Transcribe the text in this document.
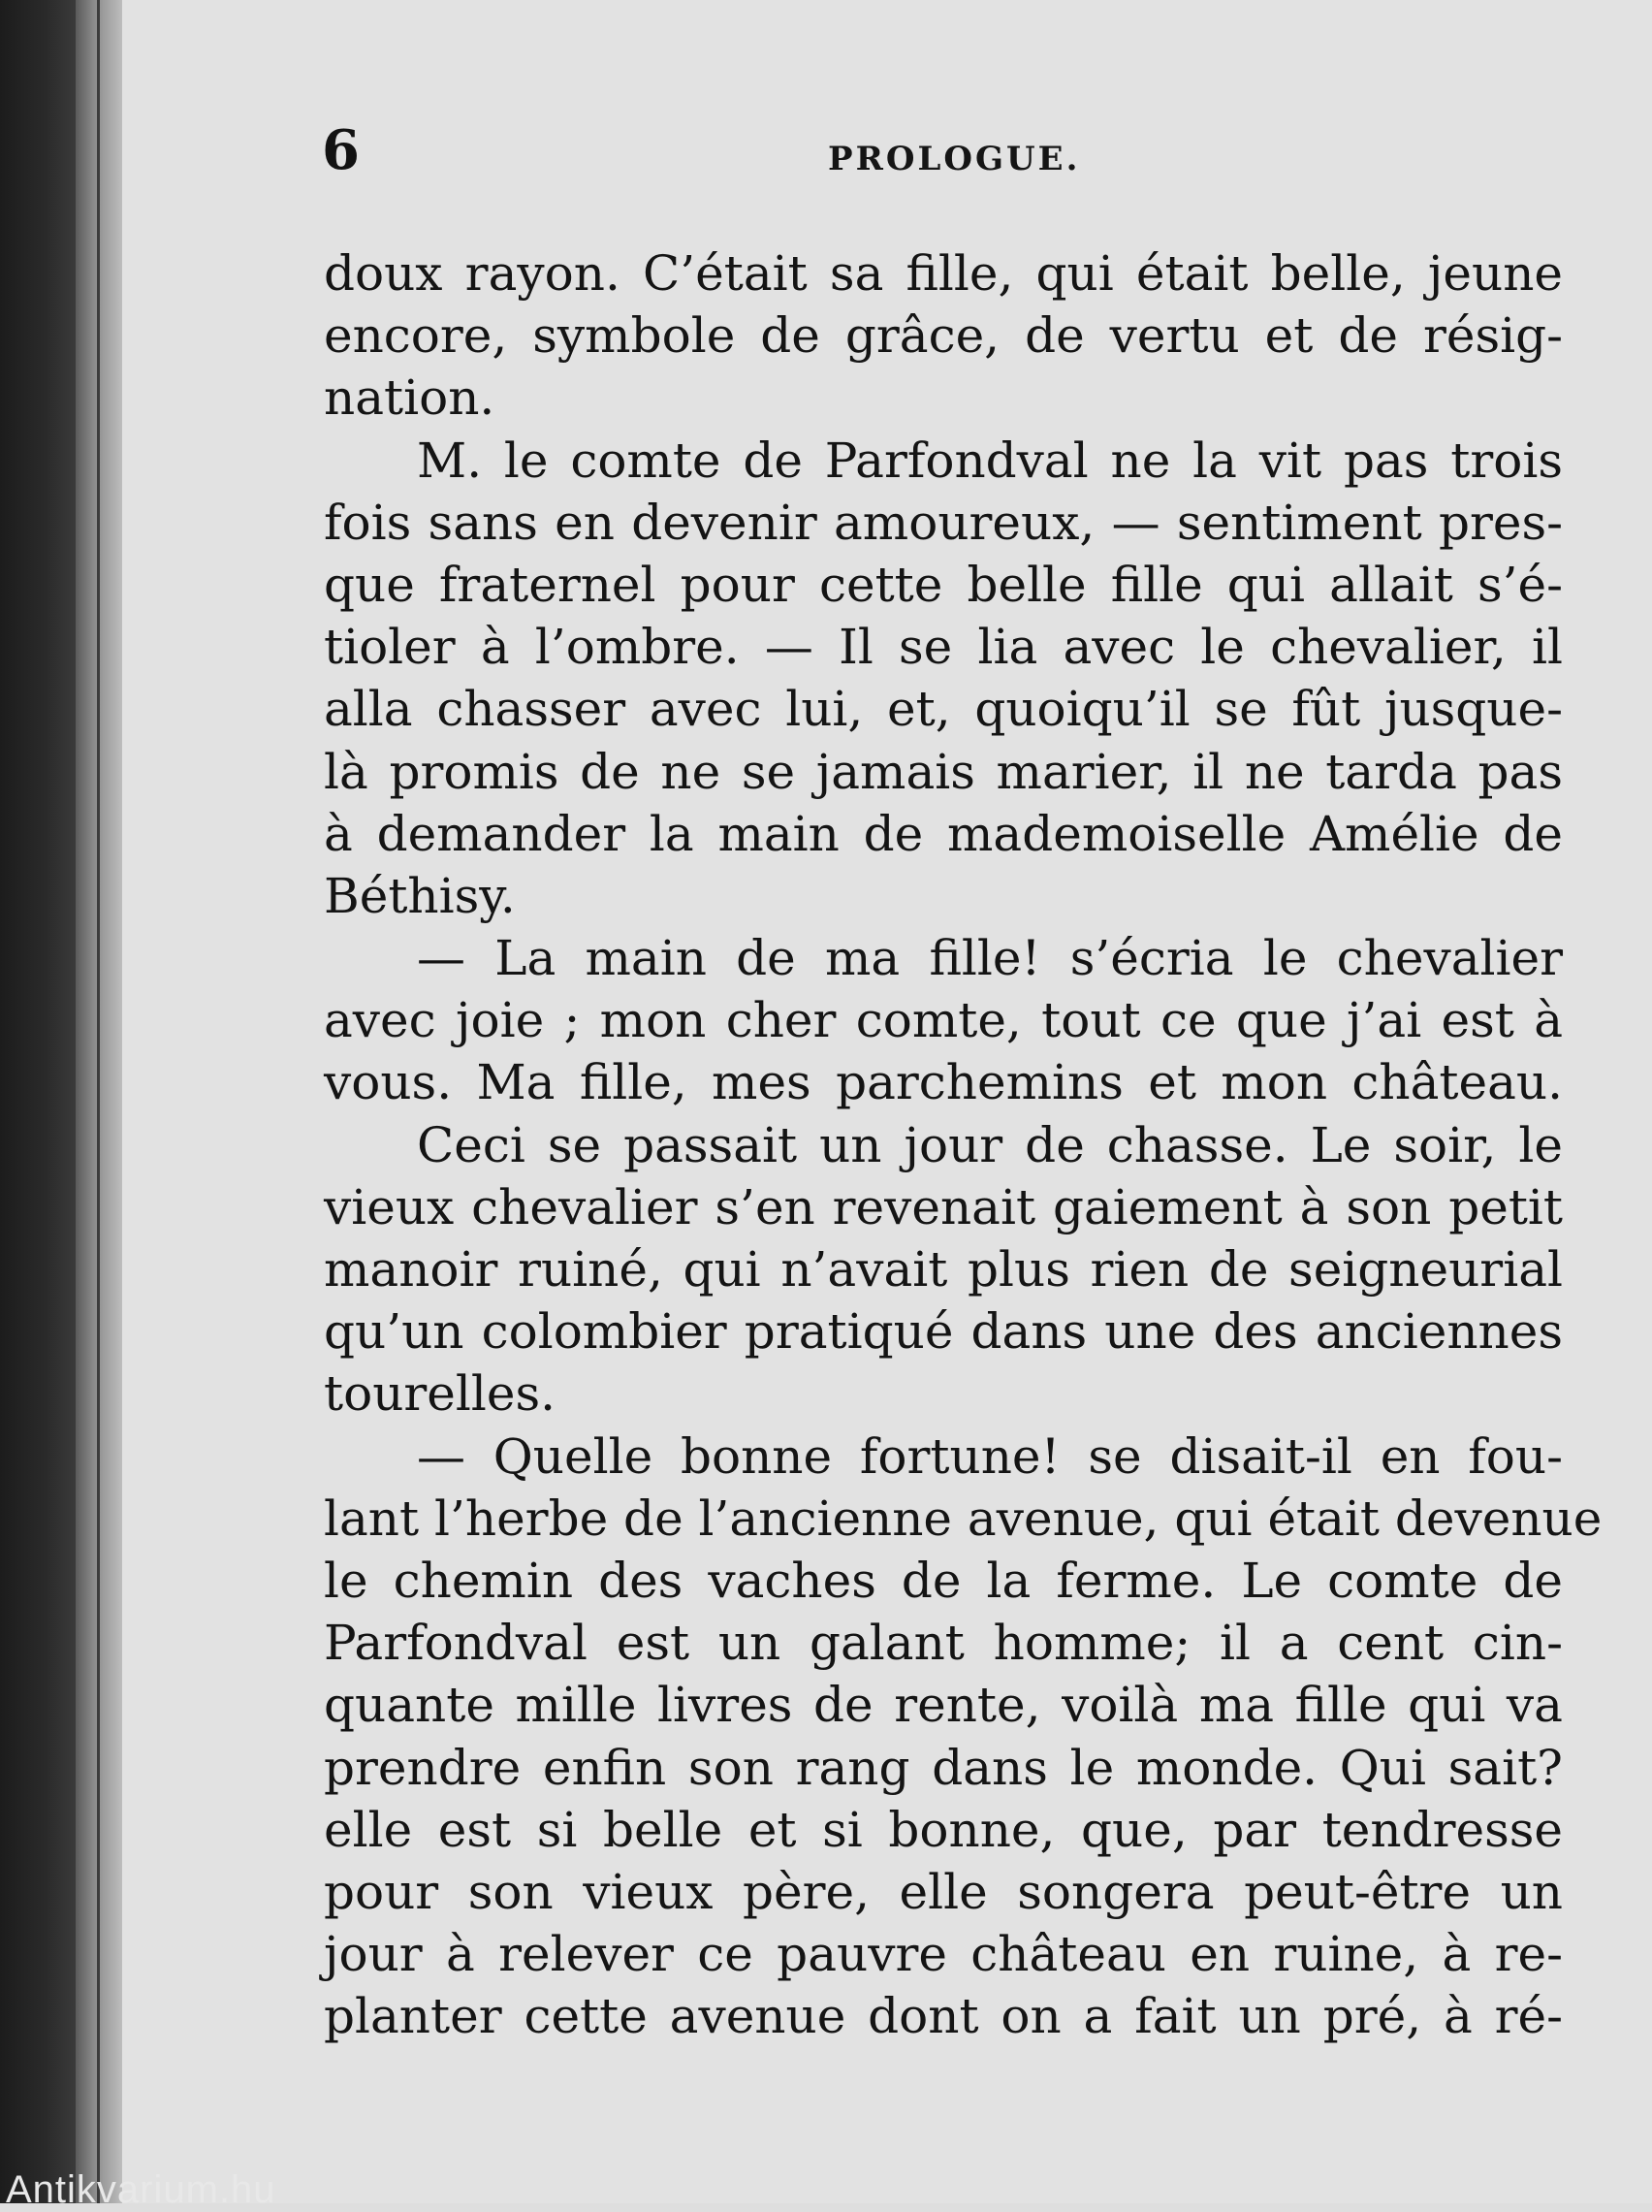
6	PROLOGUE.
doux rayon. C’était sa fille, qui était belle, jeune
encore, symbole de grâce, de vertu et de résig-
nation.
M. le comte de Parfondval ne la vit pas trois
fois sans en devenir amoureux, — sentiment pres-
que fraternel pour cette belle fille qui allait s’é-
tioler à l’ombre. — Il se lia avec le chevalier, il
alla chasser avec lui, et, quoiqu’il se fût jusque-
là promis de ne se jamais marier, il ne tarda pas
à demander la main de mademoiselle Amélie de
Béthisy.
— La main de ma fille! s’écria le chevalier
avec joie ; mon cher comte, tout ce que j’ai est à
vous. Ma fille, mes parchemins et mon château.
Ceci se passait un jour de chasse. Le soir, le
vieux chevalier s’en revenait gaiement à son petit
manoir ruiné, qui n’avait plus rien de seigneurial
qu’un colombier pratiqué dans une des anciennes
tourelles.
— Quelle bonne fortune! se disait-il en fou-
lant l’herbe de l’ancienne avenue, qui était devenue
le chemin des vaches de la ferme. Le comte de
Parfondval est un galant homme; il a cent cin-
quante mille livres de rente, voilà ma fille qui va
prendre enfin son rang dans le monde. Qui sait?
elle est si belle et si bonne, que, par tendresse
pour son vieux père, elle songera peut-être un
jour à relever ce pauvre château en ruine, à re-
planter cette avenue dont on a fait un pré, à ré-
Antikvarium.hu
